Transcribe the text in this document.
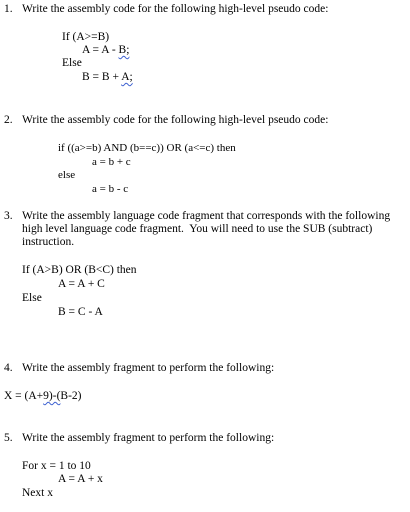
1. Write the assembly code for the following high-level pseudo code:
If (A>=B)
A = A - B;
Else
B = B + A;
2. Write the assembly code for the following high-level pseudo code:
if ((a>=b) AND (b==c)) OR (a<=c) then
a = b + c
else
a = b - c
3. Write the assembly language code fragment that corresponds with the following
high level language code fragment.  You will need to use the SUB (subtract)
instruction.
If (A>B) OR (B<C) then
A = A + C
Else
B = C - A
4. Write the assembly fragment to perform the following:
X = (A+9)-(B-2)
5. Write the assembly fragment to perform the following:
For x = 1 to 10
A = A + x
Next x
